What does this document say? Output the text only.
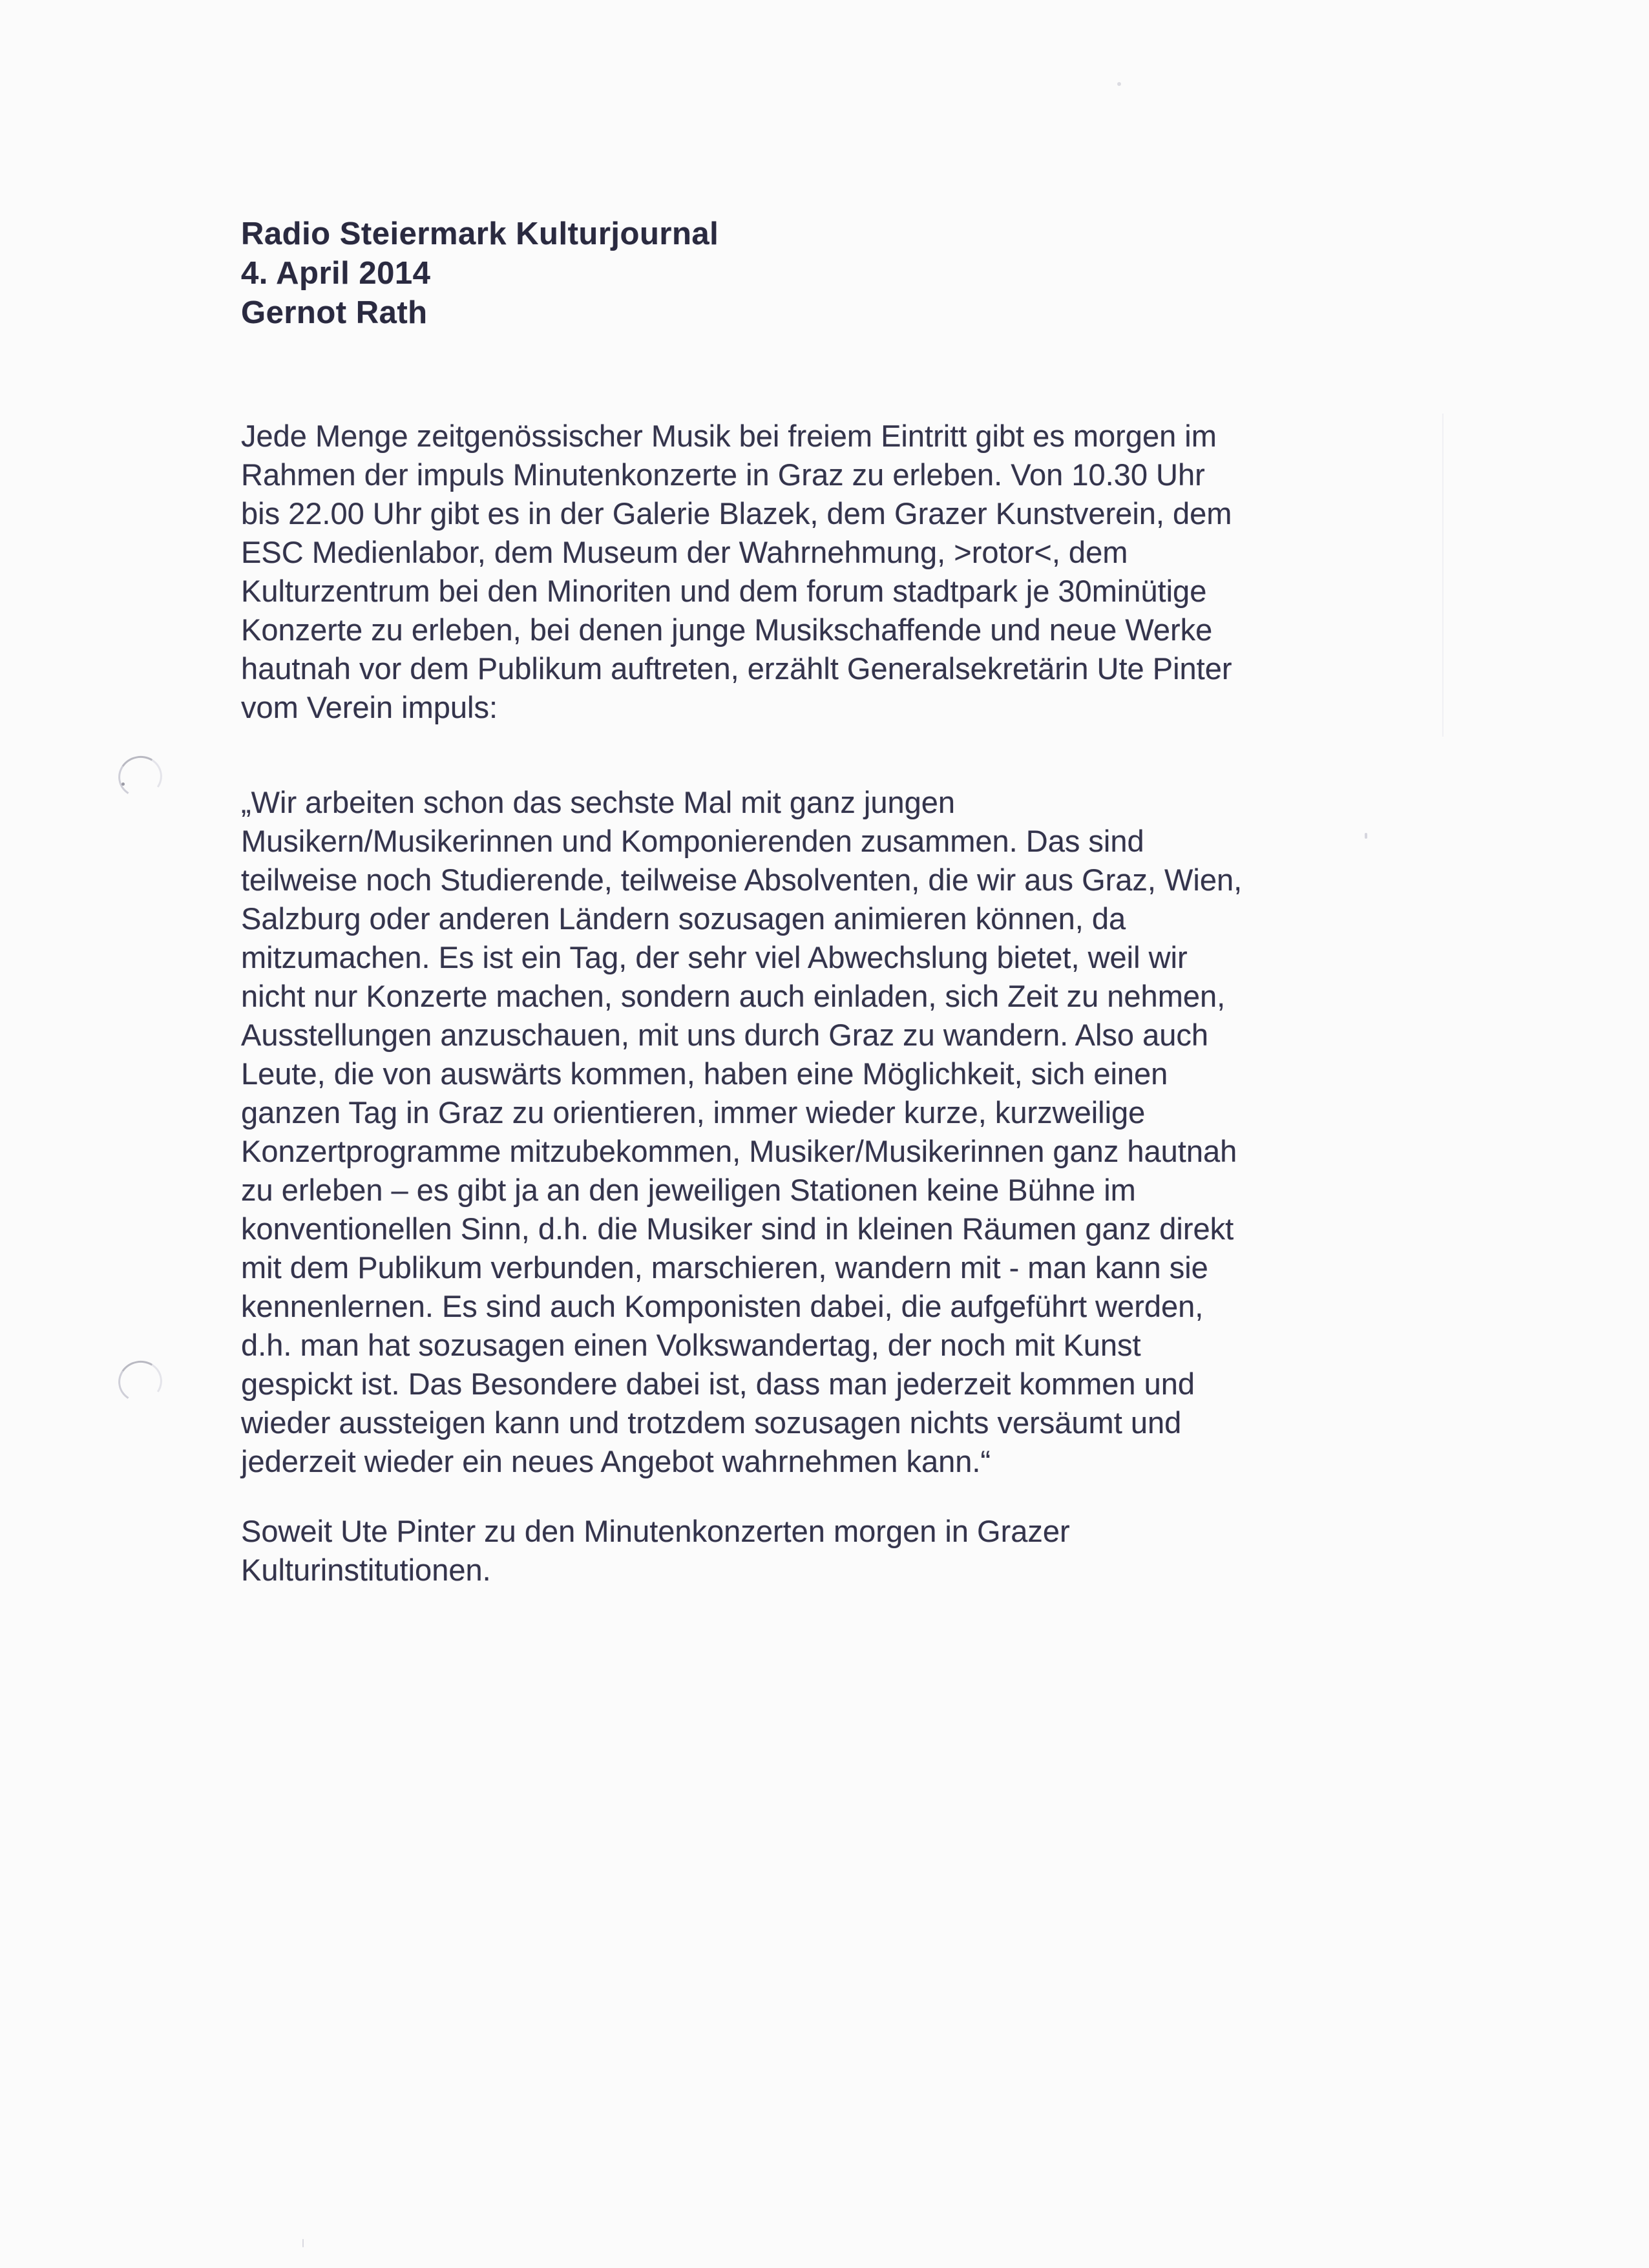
Radio Steiermark Kulturjournal
4. April 2014
Gernot Rath
Jede Menge zeitgenössischer Musik bei freiem Eintritt gibt es morgen im
Rahmen der impuls Minutenkonzerte in Graz zu erleben. Von 10.30 Uhr
bis 22.00 Uhr gibt es in der Galerie Blazek, dem Grazer Kunstverein, dem
ESC Medienlabor, dem Museum der Wahrnehmung, >rotor<, dem
Kulturzentrum bei den Minoriten und dem forum stadtpark je 30minütige
Konzerte zu erleben, bei denen junge Musikschaffende und neue Werke
hautnah vor dem Publikum auftreten, erzählt Generalsekretärin Ute Pinter
vom Verein impuls:
„Wir arbeiten schon das sechste Mal mit ganz jungen
Musikern/Musikerinnen und Komponierenden zusammen. Das sind
teilweise noch Studierende, teilweise Absolventen, die wir aus Graz, Wien,
Salzburg oder anderen Ländern sozusagen animieren können, da
mitzumachen. Es ist ein Tag, der sehr viel Abwechslung bietet, weil wir
nicht nur Konzerte machen, sondern auch einladen, sich Zeit zu nehmen,
Ausstellungen anzuschauen, mit uns durch Graz zu wandern. Also auch
Leute, die von auswärts kommen, haben eine Möglichkeit, sich einen
ganzen Tag in Graz zu orientieren, immer wieder kurze, kurzweilige
Konzertprogramme mitzubekommen, Musiker/Musikerinnen ganz hautnah
zu erleben – es gibt ja an den jeweiligen Stationen keine Bühne im
konventionellen Sinn, d.h. die Musiker sind in kleinen Räumen ganz direkt
mit dem Publikum verbunden, marschieren, wandern mit - man kann sie
kennenlernen. Es sind auch Komponisten dabei, die aufgeführt werden,
d.h. man hat sozusagen einen Volkswandertag, der noch mit Kunst
gespickt ist. Das Besondere dabei ist, dass man jederzeit kommen und
wieder aussteigen kann und trotzdem sozusagen nichts versäumt und
jederzeit wieder ein neues Angebot wahrnehmen kann.“
Soweit Ute Pinter zu den Minutenkonzerten morgen in Grazer
Kulturinstitutionen.
